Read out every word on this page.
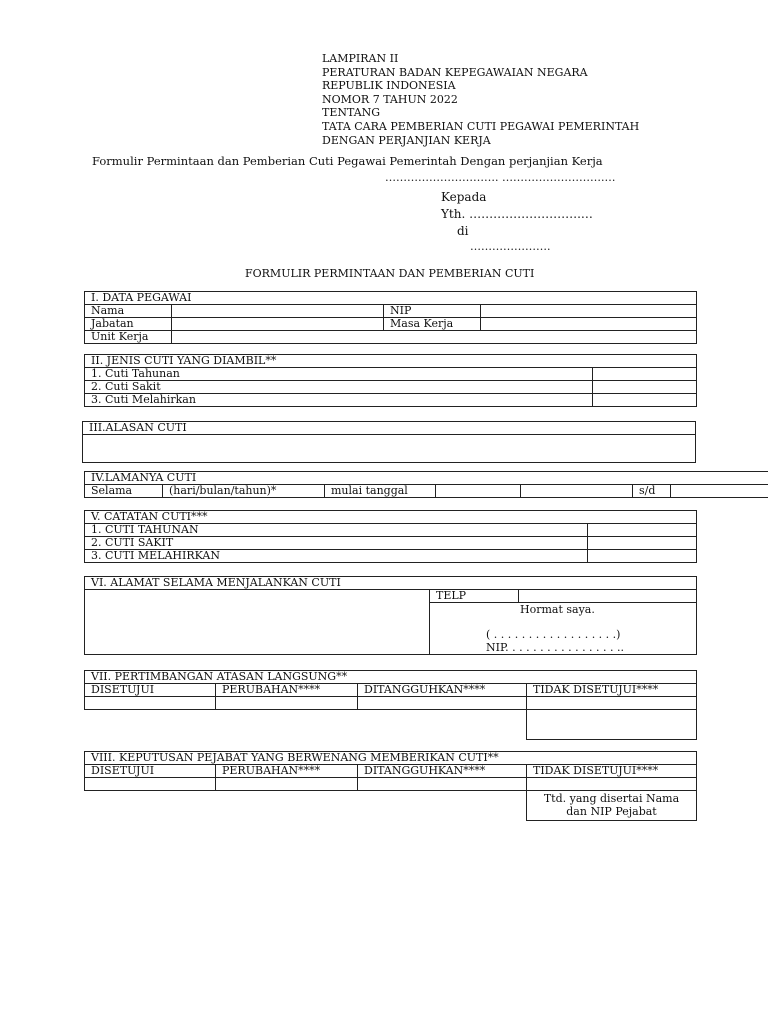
LAMPIRAN II
PERATURAN BADAN KEPEGAWAIAN NEGARA
REPUBLIK INDONESIA
NOMOR 7 TAHUN 2022
TENTANG
TATA CARA PEMBERIAN CUTI PEGAWAI PEMERINTAH
DENGAN PERJANJIAN KERJA
Formulir Permintaan dan Pemberian Cuti Pegawai Pemerintah Dengan perjanjian Kerja
…………………………. ……………………….…
Kepada
Yth. ……………………….…
di
………………….
FORMULIR PERMINTAAN DAN PEMBERIAN CUTI
I. DATA PEGAWAI			
Nama		NIP	
Jabatan		Masa Kerja	
Unit Kerja			
II. JENIS CUTI YANG DIAMBIL**	
1. Cuti Tahunan	
2. Cuti Sakit	
3. Cuti Melahirkan	
III.ALASAN CUTI

IV.LAMANYA CUTI
Selama	(hari/bulan/tahun)*	mulai tanggal			s/d	
V. CATATAN CUTI***	
1. CUTI TAHUNAN	
2. CUTI SAKIT	
3. CUTI MELAHIRKAN	
VI. ALAMAT SELAMA MENJALANKAN CUTI
	TELP	

Hormat saya.
( . . . . . . . . . . . . . . . . . .)
NIP. . . . . . . . . . . . . . . . ..
VII. PERTIMBANGAN ATASAN LANGSUNG**			
DISETUJUI	PERUBAHAN****	DITANGGUHKAN****	TIDAK DISETUJUI****

VIII. KEPUTUSAN PEJABAT YANG BERWENANG MEMBERIKAN CUTI**			
DISETUJUI	PERUBAHAN****	DITANGGUHKAN****	TIDAK DISETUJUI****

Ttd. yang disertai Nama
dan NIP Pejabat
